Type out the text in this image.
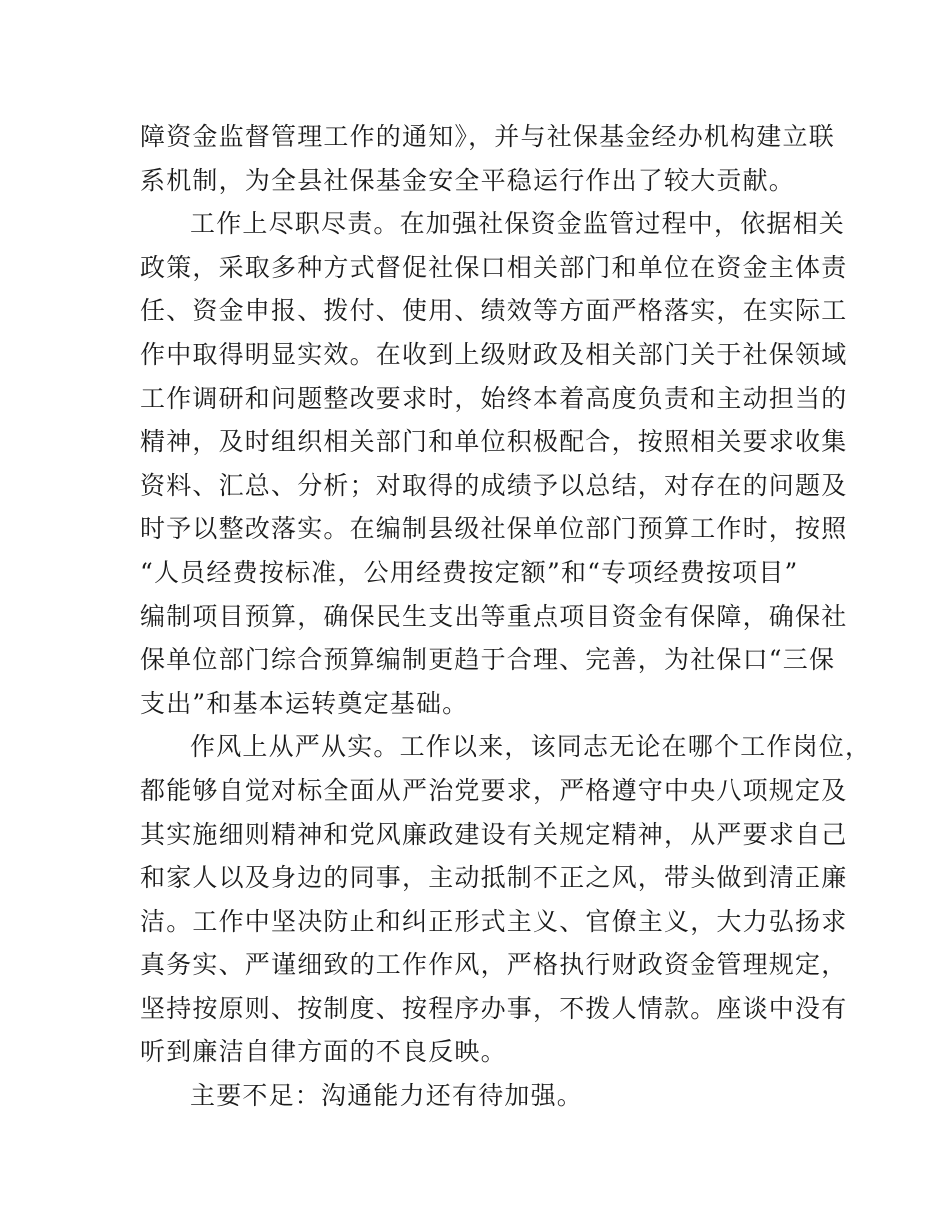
障资金监督管理工作的通知》，并与社保基金经办机构建立联
系机制，为全县社保基金安全平稳运行作出了较大贡献。

工作上尽职尽责。在加强社保资金监管过程中，依据相关
政策，采取多种方式督促社保口相关部门和单位在资金主体责
任、资金申报、拨付、使用、绩效等方面严格落实，在实际工
作中取得明显实效。在收到上级财政及相关部门关于社保领域
工作调研和问题整改要求时，始终本着高度负责和主动担当的
精神，及时组织相关部门和单位积极配合，按照相关要求收集
资料、汇总、分析；对取得的成绩予以总结，对存在的问题及
时予以整改落实。在编制县级社保单位部门预算工作时，按照
“人员经费按标准，公用经费按定额”和“专项经费按项目”
编制项目预算，确保民生支出等重点项目资金有保障，确保社
保单位部门综合预算编制更趋于合理、完善，为社保口“三保
支出”和基本运转奠定基础。

作风上从严从实。工作以来，该同志无论在哪个工作岗位，
都能够自觉对标全面从严治党要求，严格遵守中央八项规定及
其实施细则精神和党风廉政建设有关规定精神，从严要求自己
和家人以及身边的同事，主动抵制不正之风，带头做到清正廉
洁。工作中坚决防止和纠正形式主义、官僚主义，大力弘扬求
真务实、严谨细致的工作作风，严格执行财政资金管理规定，
坚持按原则、按制度、按程序办事，不拨人情款。座谈中没有
听到廉洁自律方面的不良反映。

主要不足：沟通能力还有待加强。
